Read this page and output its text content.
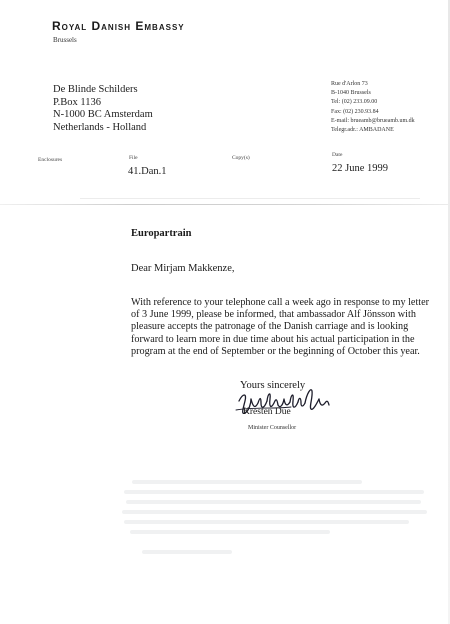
Royal Danish Embassy
Brussels
De Blinde Schilders
P.Box 1136
N-1000 BC Amsterdam
Netherlands - Holland
Rue d'Arlon 73
B-1040 Brussels
Tel: (02) 233.09.00
Fax: (02) 230.93.84
E-mail: brueamb@brueamb.um.dk
Telegr.adr.: AMBADANE
Enclosures	File
41.Dan.1
Copy(s)	Date
22 June 1999
Europartrain
Dear Mirjam Makkenze,
With reference to your telephone call a week ago in response to my letter
of 3 June 1999, please be informed, that ambassador Alf Jönsson with
pleasure accepts the patronage of the Danish carriage and is looking
forward to learn more in due time about his actual participation in the
program at the end of September or the beginning of October this year.
Yours sincerely
Kresten Due
Minister Counsellor
